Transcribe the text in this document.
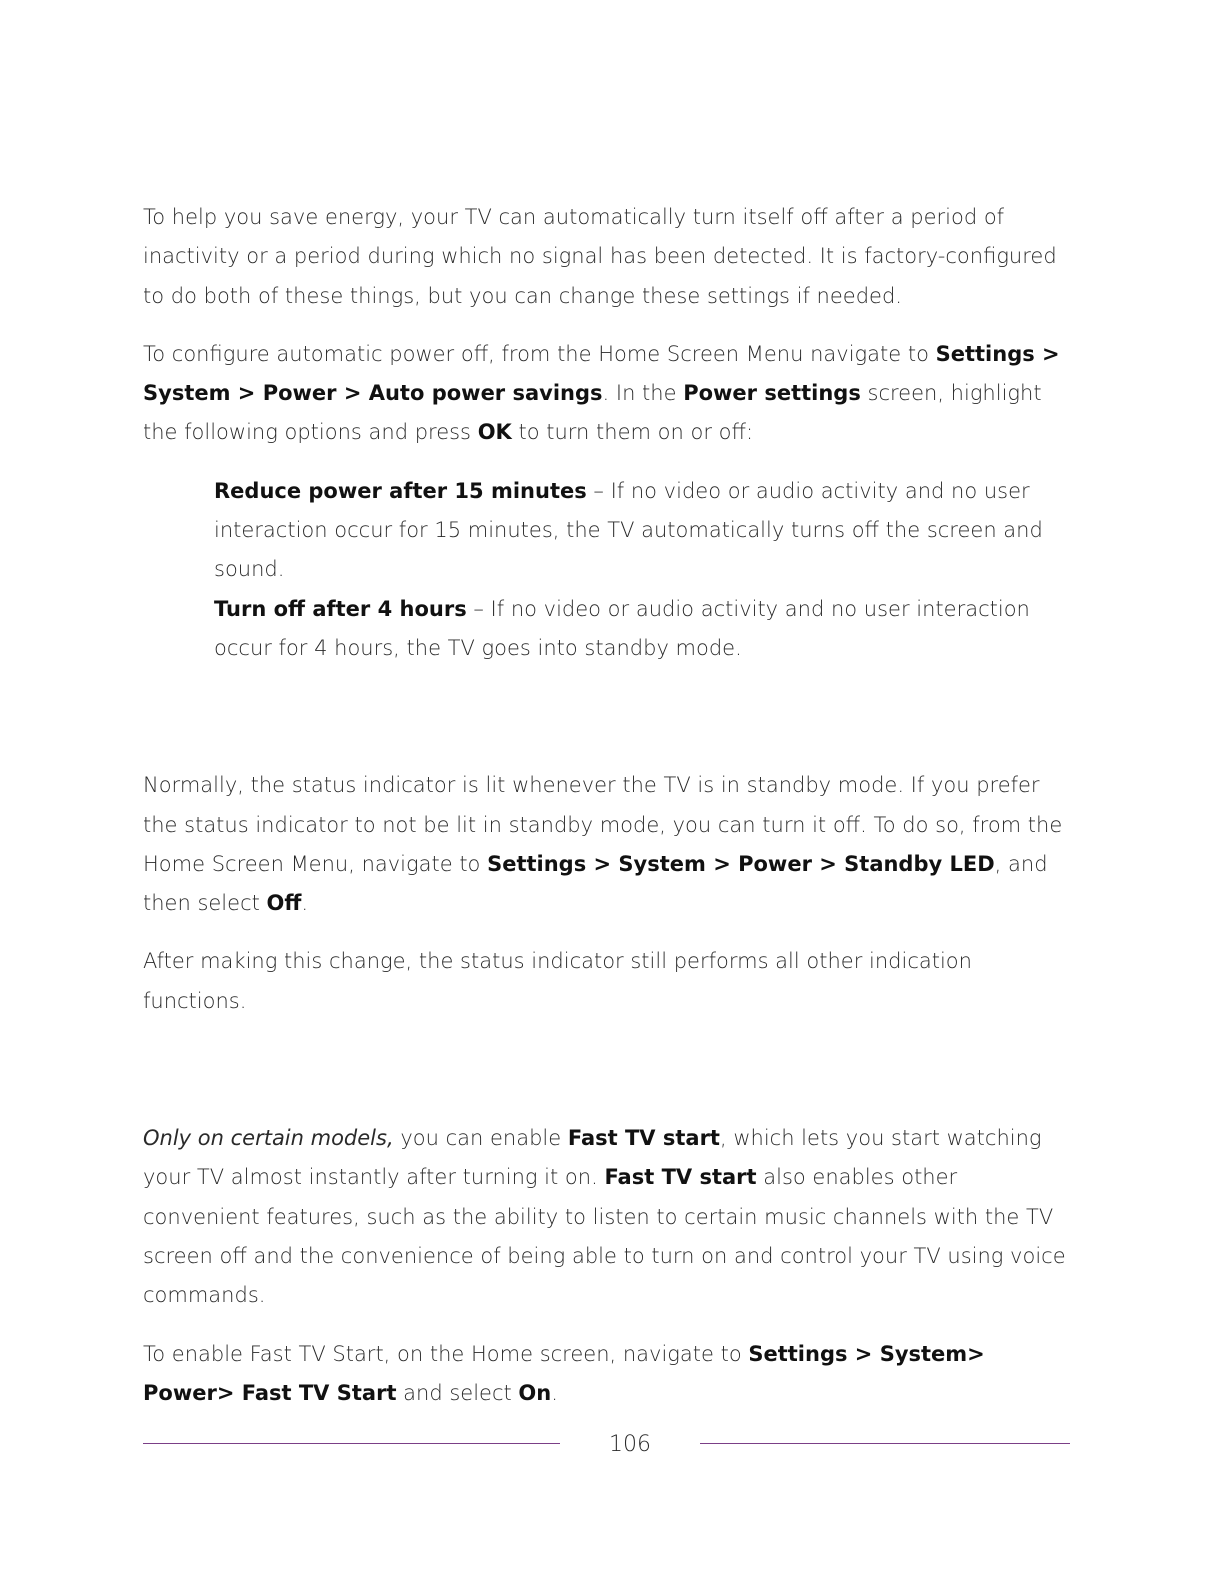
To help you save energy, your TV can automatically turn itself off after a period of inactivity or a period during which no signal has been detected. It is factory-configured to do both of these things, but you can change these settings if needed.

To configure automatic power off, from the Home Screen Menu navigate to Settings > System > Power > Auto power savings. In the Power settings screen, highlight the following options and press OK to turn them on or off:

Reduce power after 15 minutes – If no video or audio activity and no user interaction occur for 15 minutes, the TV automatically turns off the screen and sound.

Turn off after 4 hours – If no video or audio activity and no user interaction occur for 4 hours, the TV goes into standby mode.

Normally, the status indicator is lit whenever the TV is in standby mode. If you prefer the status indicator to not be lit in standby mode, you can turn it off. To do so, from the Home Screen Menu, navigate to Settings > System > Power > Standby LED, and then select Off.

After making this change, the status indicator still performs all other indication functions.

Only on certain models, you can enable Fast TV start, which lets you start watching your TV almost instantly after turning it on. Fast TV start also enables other convenient features, such as the ability to listen to certain music channels with the TV screen off and the convenience of being able to turn on and control your TV using voice commands.

To enable Fast TV Start, on the Home screen, navigate to Settings > System> Power> Fast TV Start and select On.

106
